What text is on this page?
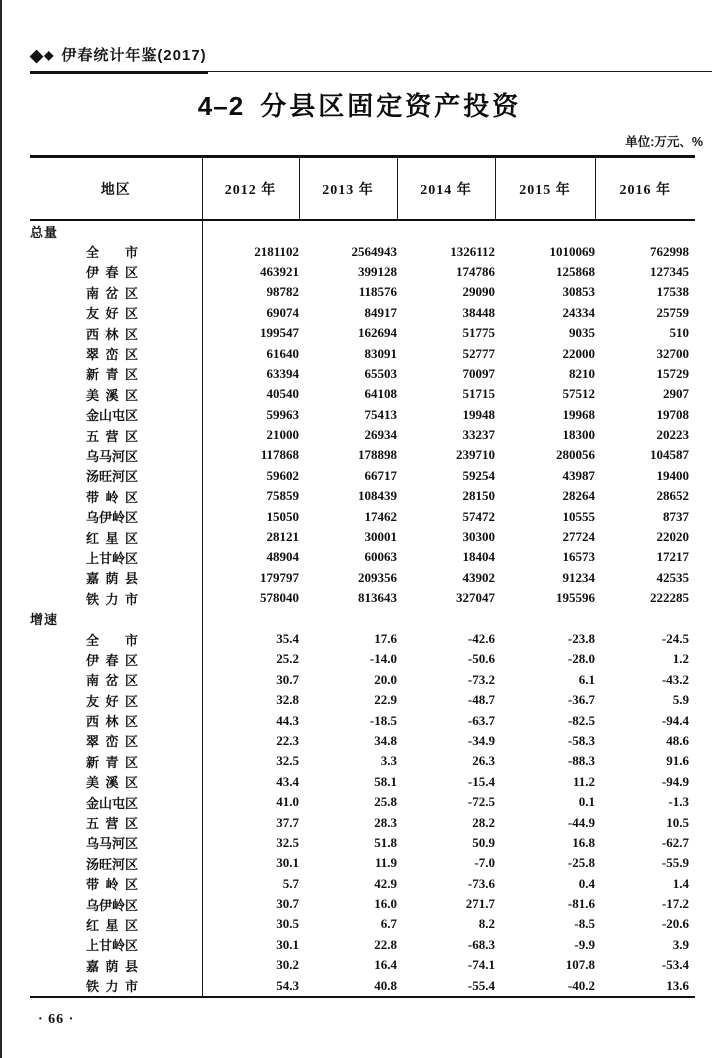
◆◆ 伊春统计年鉴(2017)
4–2 分县区固定资产投资
单位:万元、%
地区	2012 年	2013 年	2014 年	2015 年	2016 年
总量					
全市	2181102	2564943	1326112	1010069	762998
伊春区	463921	399128	174786	125868	127345
南岔区	98782	118576	29090	30853	17538
友好区	69074	84917	38448	24334	25759
西林区	199547	162694	51775	9035	510
翠峦区	61640	83091	52777	22000	32700
新青区	63394	65503	70097	8210	15729
美溪区	40540	64108	51715	57512	2907
金山屯区	59963	75413	19948	19968	19708
五营区	21000	26934	33237	18300	20223
乌马河区	117868	178898	239710	280056	104587
汤旺河区	59602	66717	59254	43987	19400
带岭区	75859	108439	28150	28264	28652
乌伊岭区	15050	17462	57472	10555	8737
红星区	28121	30001	30300	27724	22020
上甘岭区	48904	60063	18404	16573	17217
嘉荫县	179797	209356	43902	91234	42535
铁力市	578040	813643	327047	195596	222285
增速					
全市	35.4	17.6	-42.6	-23.8	-24.5
伊春区	25.2	-14.0	-50.6	-28.0	1.2
南岔区	30.7	20.0	-73.2	6.1	-43.2
友好区	32.8	22.9	-48.7	-36.7	5.9
西林区	44.3	-18.5	-63.7	-82.5	-94.4
翠峦区	22.3	34.8	-34.9	-58.3	48.6
新青区	32.5	3.3	26.3	-88.3	91.6
美溪区	43.4	58.1	-15.4	11.2	-94.9
金山屯区	41.0	25.8	-72.5	0.1	-1.3
五营区	37.7	28.3	28.2	-44.9	10.5
乌马河区	32.5	51.8	50.9	16.8	-62.7
汤旺河区	30.1	11.9	-7.0	-25.8	-55.9
带岭区	5.7	42.9	-73.6	0.4	1.4
乌伊岭区	30.7	16.0	271.7	-81.6	-17.2
红星区	30.5	6.7	8.2	-8.5	-20.6
上甘岭区	30.1	22.8	-68.3	-9.9	3.9
嘉荫县	30.2	16.4	-74.1	107.8	-53.4
铁力市	54.3	40.8	-55.4	-40.2	13.6
· 66 ·
